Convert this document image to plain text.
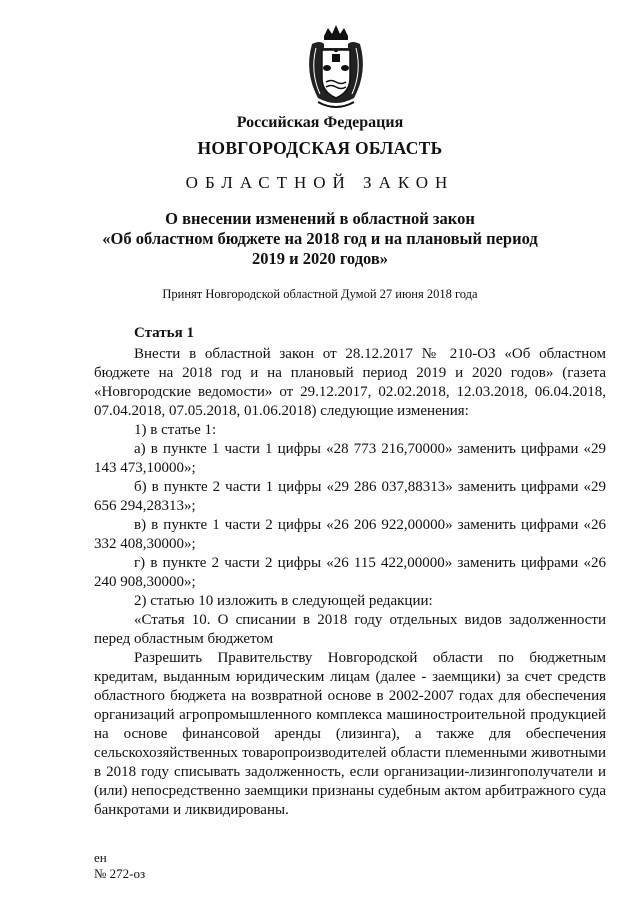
Российская Федерация
НОВГОРОДСКАЯ ОБЛАСТЬ
ОБЛАСТНОЙ ЗАКОН
О внесении изменений в областной закон
«Об областном бюджете на 2018 год и на плановый период
2019 и 2020 годов»
Принят Новгородской областной Думой 27 июня 2018 года

Статья 1

Внести в областной закон от 28.12.2017 № 210-ОЗ «Об областном бюджете на 2018 год и на плановый период 2019 и 2020 годов» (газета «Новгородские ведомости» от 29.12.2017, 02.02.2018, 12.03.2018, 06.04.2018, 07.04.2018, 07.05.2018, 01.06.2018) следующие изменения:

1) в статье 1:

а) в пункте 1 части 1 цифры «28 773 216,70000» заменить цифрами «29 143 473,10000»;

б) в пункте 2 части 1 цифры «29 286 037,88313» заменить цифрами «29 656 294,28313»;

в) в пункте 1 части 2 цифры «26 206 922,00000» заменить цифрами «26 332 408,30000»;

г) в пункте 2 части 2 цифры «26 115 422,00000» заменить цифрами «26 240 908,30000»;

2) статью 10 изложить в следующей редакции:

«Статья 10. О списании в 2018 году отдельных видов задолженности перед областным бюджетом

Разрешить Правительству Новгородской области по бюджетным кредитам, выданным юридическим лицам (далее - заемщики) за счет средств областного бюджета на возвратной основе в 2002-2007 годах для обеспечения организаций агропромышленного комплекса машиностроительной продукцией на основе финансовой аренды (лизинга), а также для обеспечения сельскохозяйственных товаропроизводителей области племенными животными в 2018 году списывать задолженность, если организации-лизингополучатели и (или) непосредственно заемщики признаны судебным актом арбитражного суда банкротами и ликвидированы.

ен
№ 272-оз
